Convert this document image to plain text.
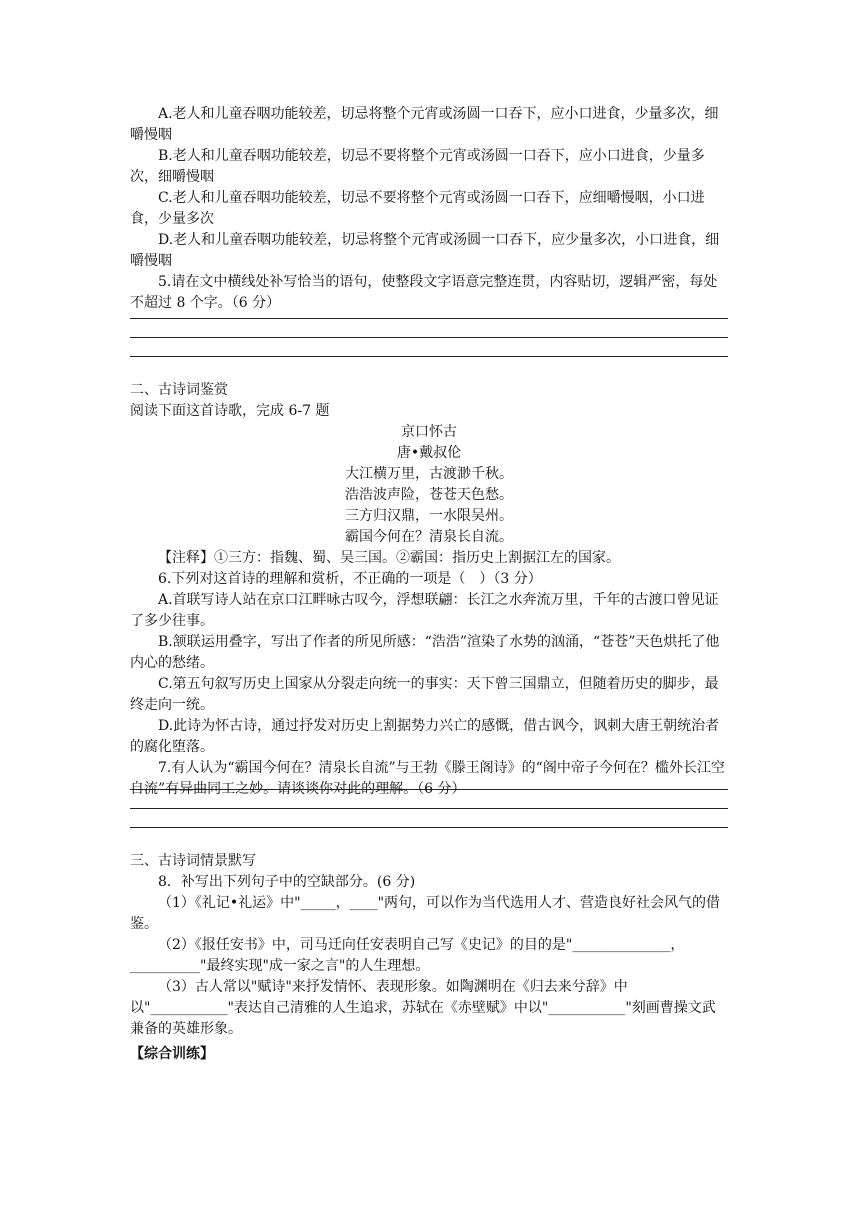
A.老人和儿童吞咽功能较差，切忌将整个元宵或汤圆一口吞下，应小口进食，少量多次，细嚼慢咽

B.老人和儿童吞咽功能较差，切忌不要将整个元宵或汤圆一口吞下，应小口进食，少量多次，细嚼慢咽

C.老人和儿童吞咽功能较差，切忌不要将整个元宵或汤圆一口吞下，应细嚼慢咽，小口进食，少量多次

D.老人和儿童吞咽功能较差，切忌将整个元宵或汤圆一口吞下，应少量多次，小口进食，细嚼慢咽

5.请在文中横线处补写恰当的语句，使整段文字语意完整连贯，内容贴切，逻辑严密，每处不超过 8 个字。（6 分）

二、古诗词鉴赏

阅读下面这首诗歌，完成 6-7 题

京口怀古

唐•戴叔伦

大江横万里，古渡渺千秋。

浩浩波声险，苍苍天色愁。

三方归汉鼎，一水限吴州。

霸国今何在？清泉长自流。

【注释】①三方：指魏、蜀、吴三国。②霸国：指历史上割据江左的国家。

6.下列对这首诗的理解和赏析，不正确的一项是（　）（3 分）

A.首联写诗人站在京口江畔咏古叹今，浮想联翩：长江之水奔流万里，千年的古渡口曾见证了多少往事。

B.颔联运用叠字，写出了作者的所见所感：“浩浩”渲染了水势的汹涌，“苍苍”天色烘托了他内心的愁绪。

C.第五句叙写历史上国家从分裂走向统一的事实：天下曾三国鼎立，但随着历史的脚步，最终走向一统。

D.此诗为怀古诗，通过抒发对历史上割据势力兴亡的感慨，借古讽今，讽刺大唐王朝统治者的腐化堕落。

7.有人认为“霸国今何在？清泉长自流”与王勃《滕王阁诗》的“阁中帝子今何在？槛外长江空自流”有异曲同工之妙。请谈谈你对此的理解。（6 分）

三、古诗词情景默写

8．补写出下列句子中的空缺部分。(6 分)

（1）《礼记•礼运》中"_____，____"两句，可以作为当代选用人才、营造良好社会风气的借鉴。

（2）《报任安书》中，司马迁向任安表明自己写《史记》的目的是"______________，__________"最终实现"成一家之言"的人生理想。

（3）古人常以"赋诗"来抒发情怀、表现形象。如陶渊明在《归去来兮辞》中以"___________"表达自己清雅的人生追求，苏轼在《赤壁赋》中以"___________"刻画曹操文武兼备的英雄形象。

【综合训练】
